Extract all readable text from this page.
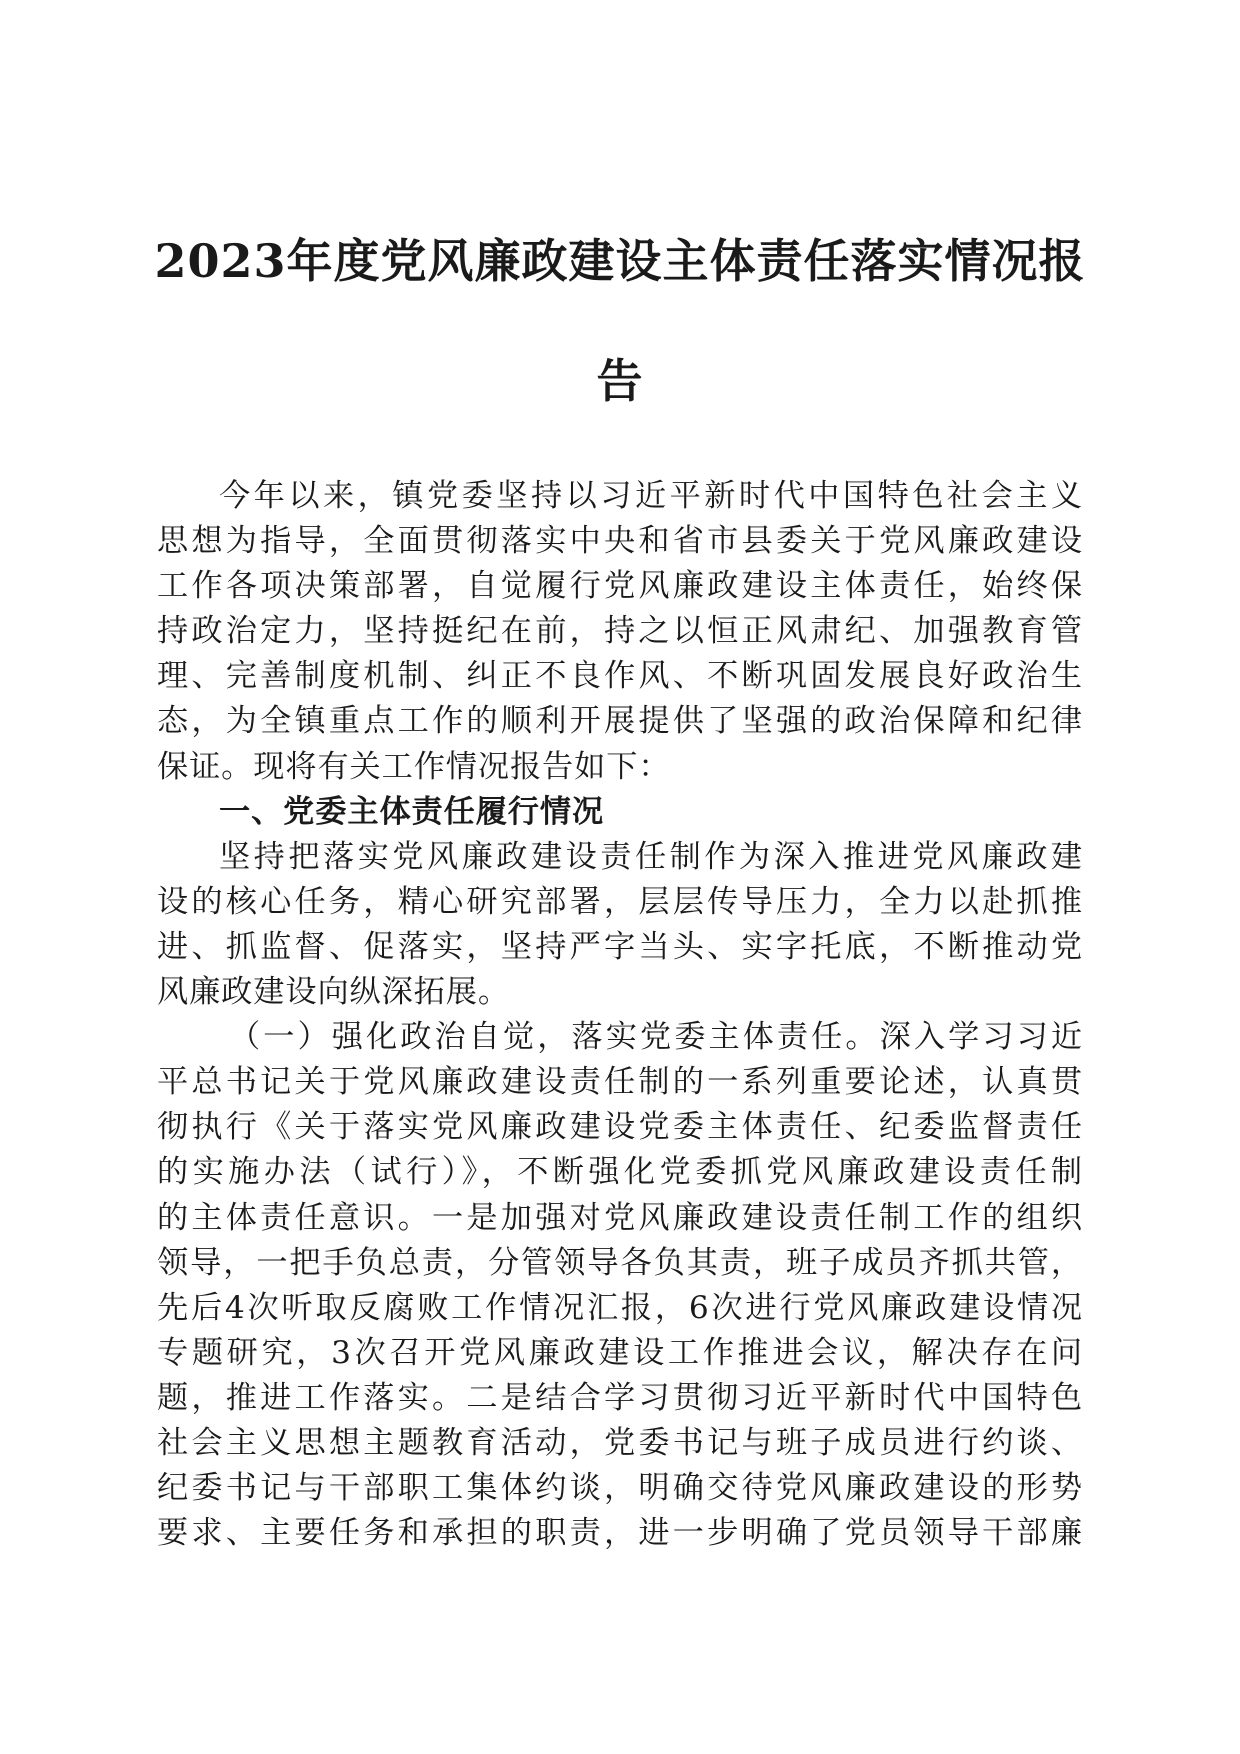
2023年度党风廉政建设主体责任落实情况报
告
今年以来，镇党委坚持以习近平新时代中国特色社会主义
思想为指导，全面贯彻落实中央和省市县委关于党风廉政建设
工作各项决策部署，自觉履行党风廉政建设主体责任，始终保
持政治定力，坚持挺纪在前，持之以恒正风肃纪、加强教育管
理、完善制度机制、纠正不良作风、不断巩固发展良好政治生
态，为全镇重点工作的顺利开展提供了坚强的政治保障和纪律
保证。现将有关工作情况报告如下：
一、党委主体责任履行情况
坚持把落实党风廉政建设责任制作为深入推进党风廉政建
设的核心任务，精心研究部署，层层传导压力，全力以赴抓推
进、抓监督、促落实，坚持严字当头、实字托底，不断推动党
风廉政建设向纵深拓展。
（一）强化政治自觉，落实党委主体责任。深入学习习近
平总书记关于党风廉政建设责任制的一系列重要论述，认真贯
彻执行《关于落实党风廉政建设党委主体责任、纪委监督责任
的实施办法（试行）》，不断强化党委抓党风廉政建设责任制
的主体责任意识。一是加强对党风廉政建设责任制工作的组织
领导，一把手负总责，分管领导各负其责，班子成员齐抓共管，
先后4次听取反腐败工作情况汇报，6次进行党风廉政建设情况
专题研究，3次召开党风廉政建设工作推进会议，解决存在问
题，推进工作落实。二是结合学习贯彻习近平新时代中国特色
社会主义思想主题教育活动，党委书记与班子成员进行约谈、
纪委书记与干部职工集体约谈，明确交待党风廉政建设的形势
要求、主要任务和承担的职责，进一步明确了党员领导干部廉
